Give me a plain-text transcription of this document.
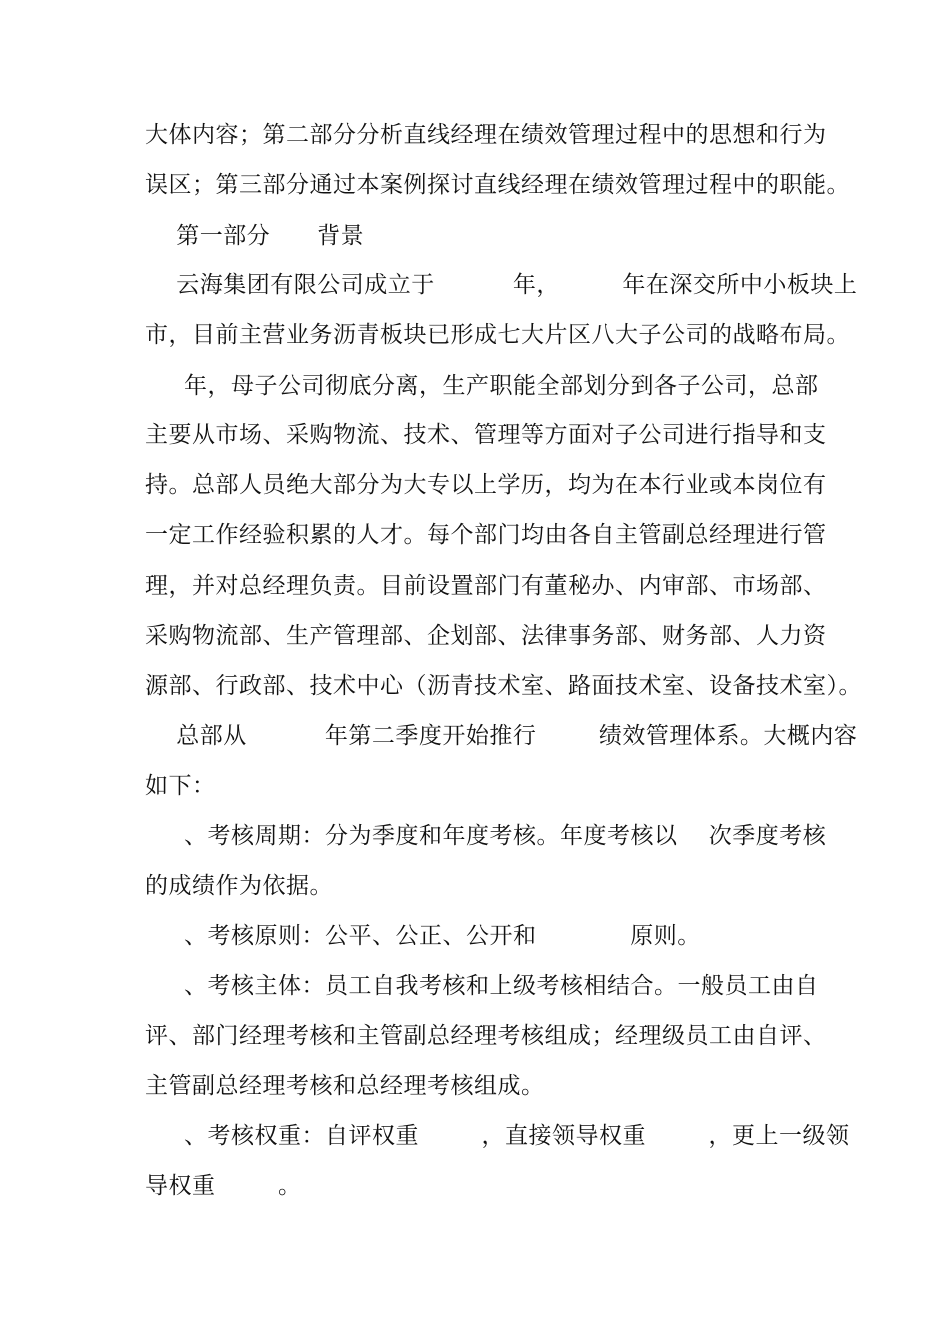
大体内容；第二部分分析直线经理在绩效管理过程中的思想和行为
误区；第三部分通过本案例探讨直线经理在绩效管理过程中的职能。
第一部分      背景
云海集团有限公司成立于          年，        年在深交所中小板块上
市，目前主营业务沥青板块已形成七大片区八大子公司的战略布局。
年，母子公司彻底分离，生产职能全部划分到各子公司，总部
主要从市场、采购物流、技术、管理等方面对子公司进行指导和支
持。总部人员绝大部分为大专以上学历，均为在本行业或本岗位有
一定工作经验积累的人才。每个部门均由各自主管副总经理进行管
理，并对总经理负责。目前设置部门有董秘办、内审部、市场部、
采购物流部、生产管理部、企划部、法律事务部、财务部、人力资
源部、行政部、技术中心（沥青技术室、路面技术室、设备技术室）。
总部从          年第二季度开始推行        绩效管理体系。大概内容
如下：
、考核周期：分为季度和年度考核。年度考核以    次季度考核
的成绩作为依据。
、考核原则：公平、公正、公开和            原则。
、考核主体：员工自我考核和上级考核相结合。一般员工由自
评、部门经理考核和主管副总经理考核组成；经理级员工由自评、
主管副总经理考核和总经理考核组成。
、考核权重：自评权重        ，直接领导权重        ，更上一级领
导权重        。
